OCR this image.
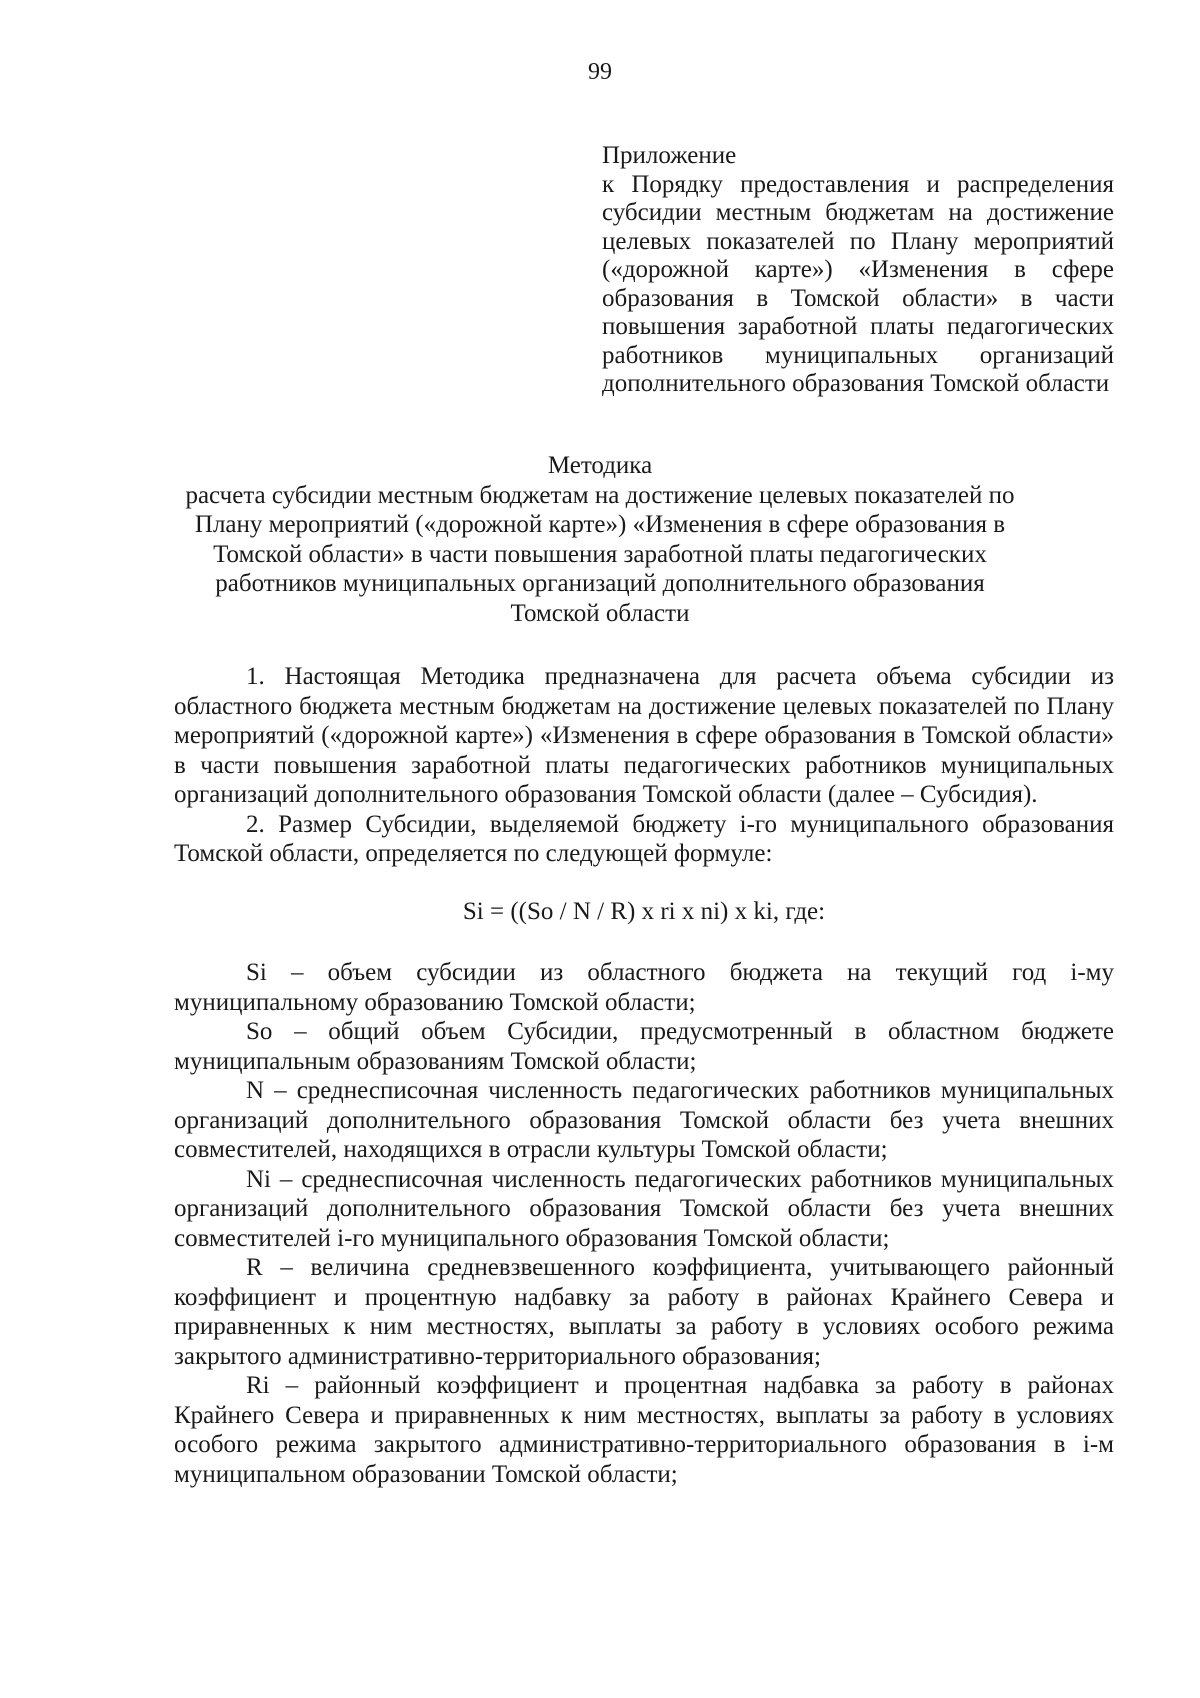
99
Приложение
к Порядку предоставления и распределения субсидии местным бюджетам на достижение целевых показателей по Плану мероприятий («дорожной карте») «Изменения в сфере образования в Томской области» в части повышения заработной платы педагогических работников муниципальных организаций дополнительного образования Томской области
Методика
расчета субсидии местным бюджетам на достижение целевых показателей по Плану мероприятий («дорожной карте») «Изменения в сфере образования в Томской области» в части повышения заработной платы педагогических работников муниципальных организаций дополнительного образования Томской области

1. Настоящая Методика предназначена для расчета объема субсидии из областного бюджета местным бюджетам на достижение целевых показателей по Плану мероприятий («дорожной карте») «Изменения в сфере образования в Томской области» в части повышения заработной платы педагогических работников муниципальных организаций дополнительного образования Томской области (далее – Субсидия).

2. Размер Субсидии, выделяемой бюджету i-го муниципального образования Томской области, определяется по следующей формуле:

Si = ((So / N / R) x ri x ni) x ki, где:

Si – объем субсидии из областного бюджета на текущий год i-му муниципальному образованию Томской области;

So – общий объем Субсидии, предусмотренный в областном бюджете муниципальным образованиям Томской области;

N – среднесписочная численность педагогических работников муниципальных организаций дополнительного образования Томской области без учета внешних совместителей, находящихся в отрасли культуры Томской области;

Ni – среднесписочная численность педагогических работников муниципальных организаций дополнительного образования Томской области без учета внешних совместителей i-го муниципального образования Томской области;

R – величина средневзвешенного коэффициента, учитывающего районный коэффициент и процентную надбавку за работу в районах Крайнего Севера и приравненных к ним местностях, выплаты за работу в условиях особого режима закрытого административно-территориального образования;

Ri – районный коэффициент и процентная надбавка за работу в районах Крайнего Севера и приравненных к ним местностях, выплаты за работу в условиях особого режима закрытого административно-территориального образования в i-м муниципальном образовании Томской области;
